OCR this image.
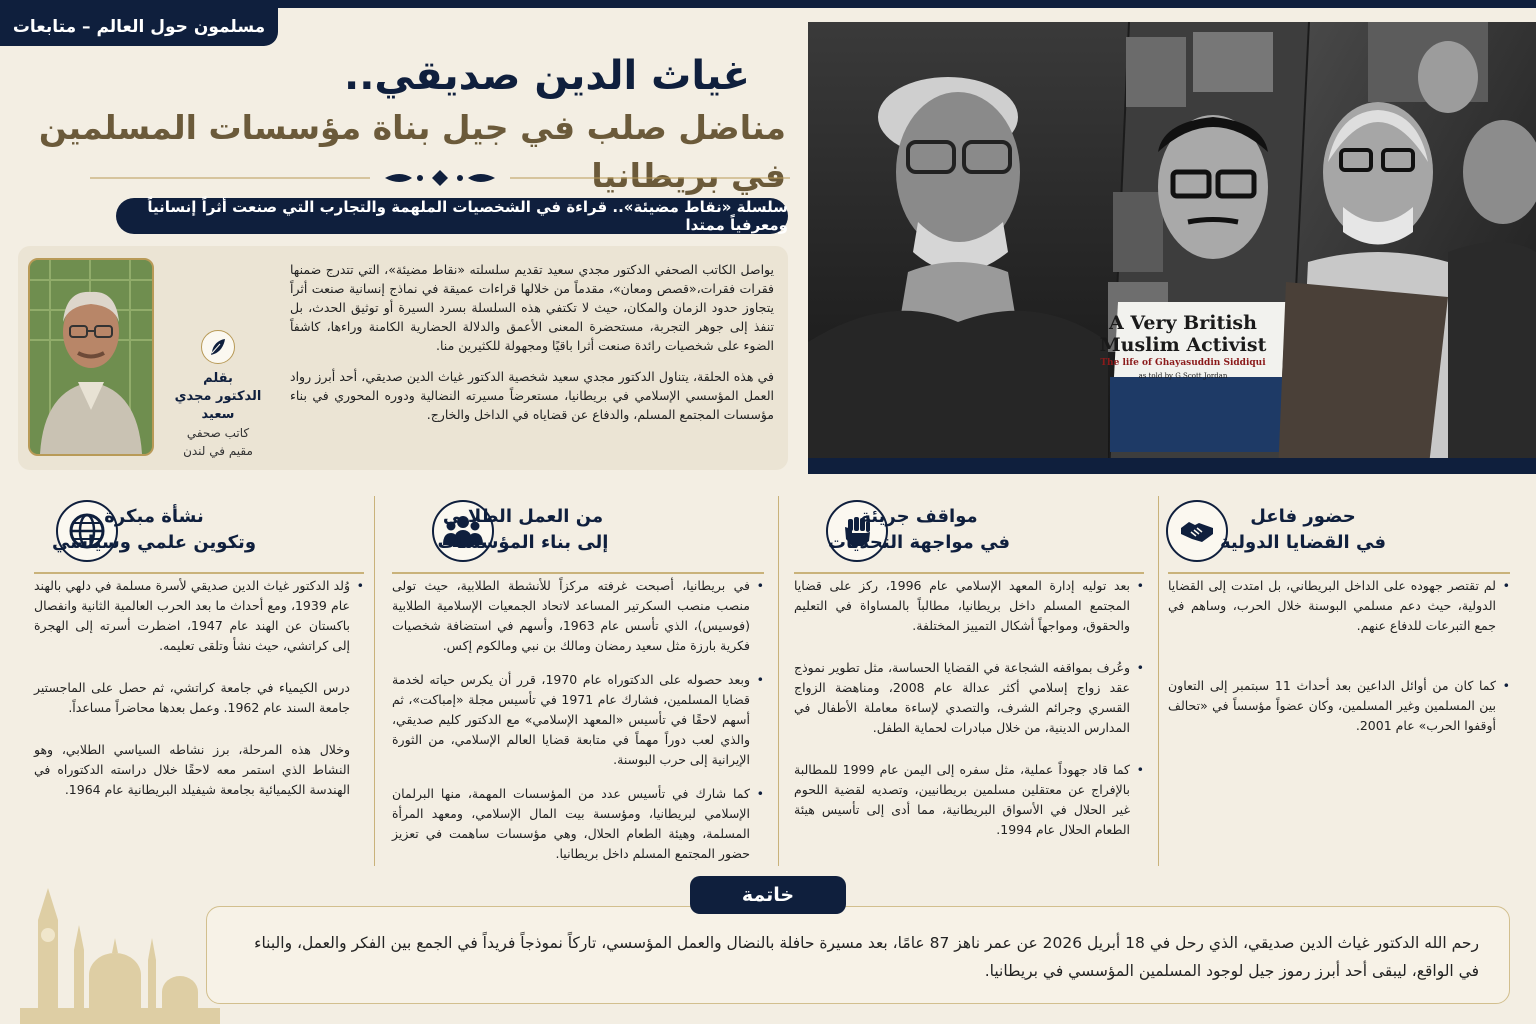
مسلمون حول العالم – متابعات
غياث الدين صديقي..
مناضل صلب في جيل بناة مؤسسات المسلمين في بريطانيا
سلسلة «نقاط مضيئة».. قراءة في الشخصيات الملهمة والتجارب التي صنعت أثراً إنسانياً ومعرفياً ممتدا
بقلم
الدكتور مجدي سعيد
كاتب صحفي
مقيم في لندن

يواصل الكاتب الصحفي الدكتور مجدي سعيد تقديم سلسلته «نقاط مضيئة»، التي تتدرج ضمنها فقرات فقرات،«قصص ومعان»، مقدماً من خلالها قراءات عميقة في نماذج إنسانية صنعت أثراً يتجاوز حدود الزمان والمكان، حيث لا تكتفي هذه السلسلة بسرد السيرة أو توثيق الحدث، بل تنفذ إلى جوهر التجربة، مستحضرة المعنى الأعمق والدلالة الحضارية الكامنة وراءها، كاشفاً الضوء على شخصيات رائدة صنعت أثرا باقيًا ومجهولة للكثيرين منا.

في هذه الحلقة، يتناول الدكتور مجدي سعيد شخصية الدكتور غياث الدين صديقي، أحد أبرز رواد العمل المؤسسي الإسلامي في بريطانيا، مستعرضاً مسيرته النضالية ودوره المحوري في بناء مؤسسات المجتمع المسلم، والدفاع عن قضاياه في الداخل والخارج.

A Very British Muslim Activist
The life of Ghayasuddin Siddiqui
as told by G Scott Jordan
حضور فاعل
في القضايا الدولية
• لم تقتصر جهوده على الداخل البريطاني، بل امتدت إلى القضايا الدولية، حيث دعم مسلمي البوسنة خلال الحرب، وساهم في جمع التبرعات للدفاع عنهم.
• كما كان من أوائل الداعين بعد أحداث 11 سبتمبر إلى التعاون بين المسلمين وغير المسلمين، وكان عضواً مؤسساً في «تحالف أوقفوا الحرب» عام 2001.
مواقف جريئة
في مواجهة التحديات
• بعد توليه إدارة المعهد الإسلامي عام 1996، ركز على قضايا المجتمع المسلم داخل بريطانيا، مطالباً بالمساواة في التعليم والحقوق، ومواجهاً أشكال التمييز المختلفة.
• وعُرف بمواقفه الشجاعة في القضايا الحساسة، مثل تطوير نموذج عقد زواج إسلامي أكثر عدالة عام 2008، ومناهضة الزواج القسري وجرائم الشرف، والتصدي لإساءة معاملة الأطفال في المدارس الدينية، من خلال مبادرات لحماية الطفل.
• كما قاد جهوداً عملية، مثل سفره إلى اليمن عام 1999 للمطالبة بالإفراج عن معتقلين مسلمين بريطانيين، وتصديه لقضية اللحوم غير الحلال في الأسواق البريطانية، مما أدى إلى تأسيس هيئة الطعام الحلال عام 1994.
من العمل الطلابي
إلى بناء المؤسسات
• في بريطانيا، أصبحت غرفته مركزاً للأنشطة الطلابية، حيث تولى منصب منصب السكرتير المساعد لاتحاد الجمعيات الإسلامية الطلابية (فوسيس)، الذي تأسس عام 1963، وأسهم في استضافة شخصيات فكرية بارزة مثل سعيد رمضان ومالك بن نبي ومالكوم إكس.
• وبعد حصوله على الدكتوراه عام 1970، قرر أن يكرس حياته لخدمة قضايا المسلمين، فشارك عام 1971 في تأسيس مجلة «إمباكت»، ثم أسهم لاحقًا في تأسيس «المعهد الإسلامي» مع الدكتور كليم صديقي، والذي لعب دوراً مهماً في متابعة قضايا العالم الإسلامي، من الثورة الإيرانية إلى حرب البوسنة.
• كما شارك في تأسيس عدد من المؤسسات المهمة، منها البرلمان الإسلامي لبريطانيا، ومؤسسة بيت المال الإسلامي، ومعهد المرأة المسلمة، وهيئة الطعام الحلال، وهي مؤسسات ساهمت في تعزيز حضور المجتمع المسلم داخل بريطانيا.
نشأة مبكرة
وتكوين علمي وسياسي
• وُلد الدكتور غياث الدين صديقي لأسرة مسلمة في دلهي بالهند عام 1939، ومع أحداث ما بعد الحرب العالمية الثانية وانفصال باكستان عن الهند عام 1947، اضطرت أسرته إلى الهجرة إلى كراتشي، حيث نشأ وتلقى تعليمه.
درس الكيمياء في جامعة كراتشي، ثم حصل على الماجستير جامعة السند عام 1962. وعمل بعدها محاضراً مساعداً.
وخلال هذه المرحلة، برز نشاطه السياسي الطلابي، وهو النشاط الذي استمر معه لاحقًا خلال دراسته الدكتوراه في الهندسة الكيميائية بجامعة شيفيلد البريطانية عام 1964.
خاتمة
رحم الله الدكتور غياث الدين صديقي، الذي رحل في 18 أبريل 2026 عن عمر ناهز 87 عامًا، بعد مسيرة حافلة بالنضال والعمل المؤسسي، تاركاً نموذجاً فريداً في الجمع بين الفكر والعمل، والبناء في الواقع، ليبقى أحد أبرز رموز جيل لوجود المسلمين المؤسسي في بريطانيا.
